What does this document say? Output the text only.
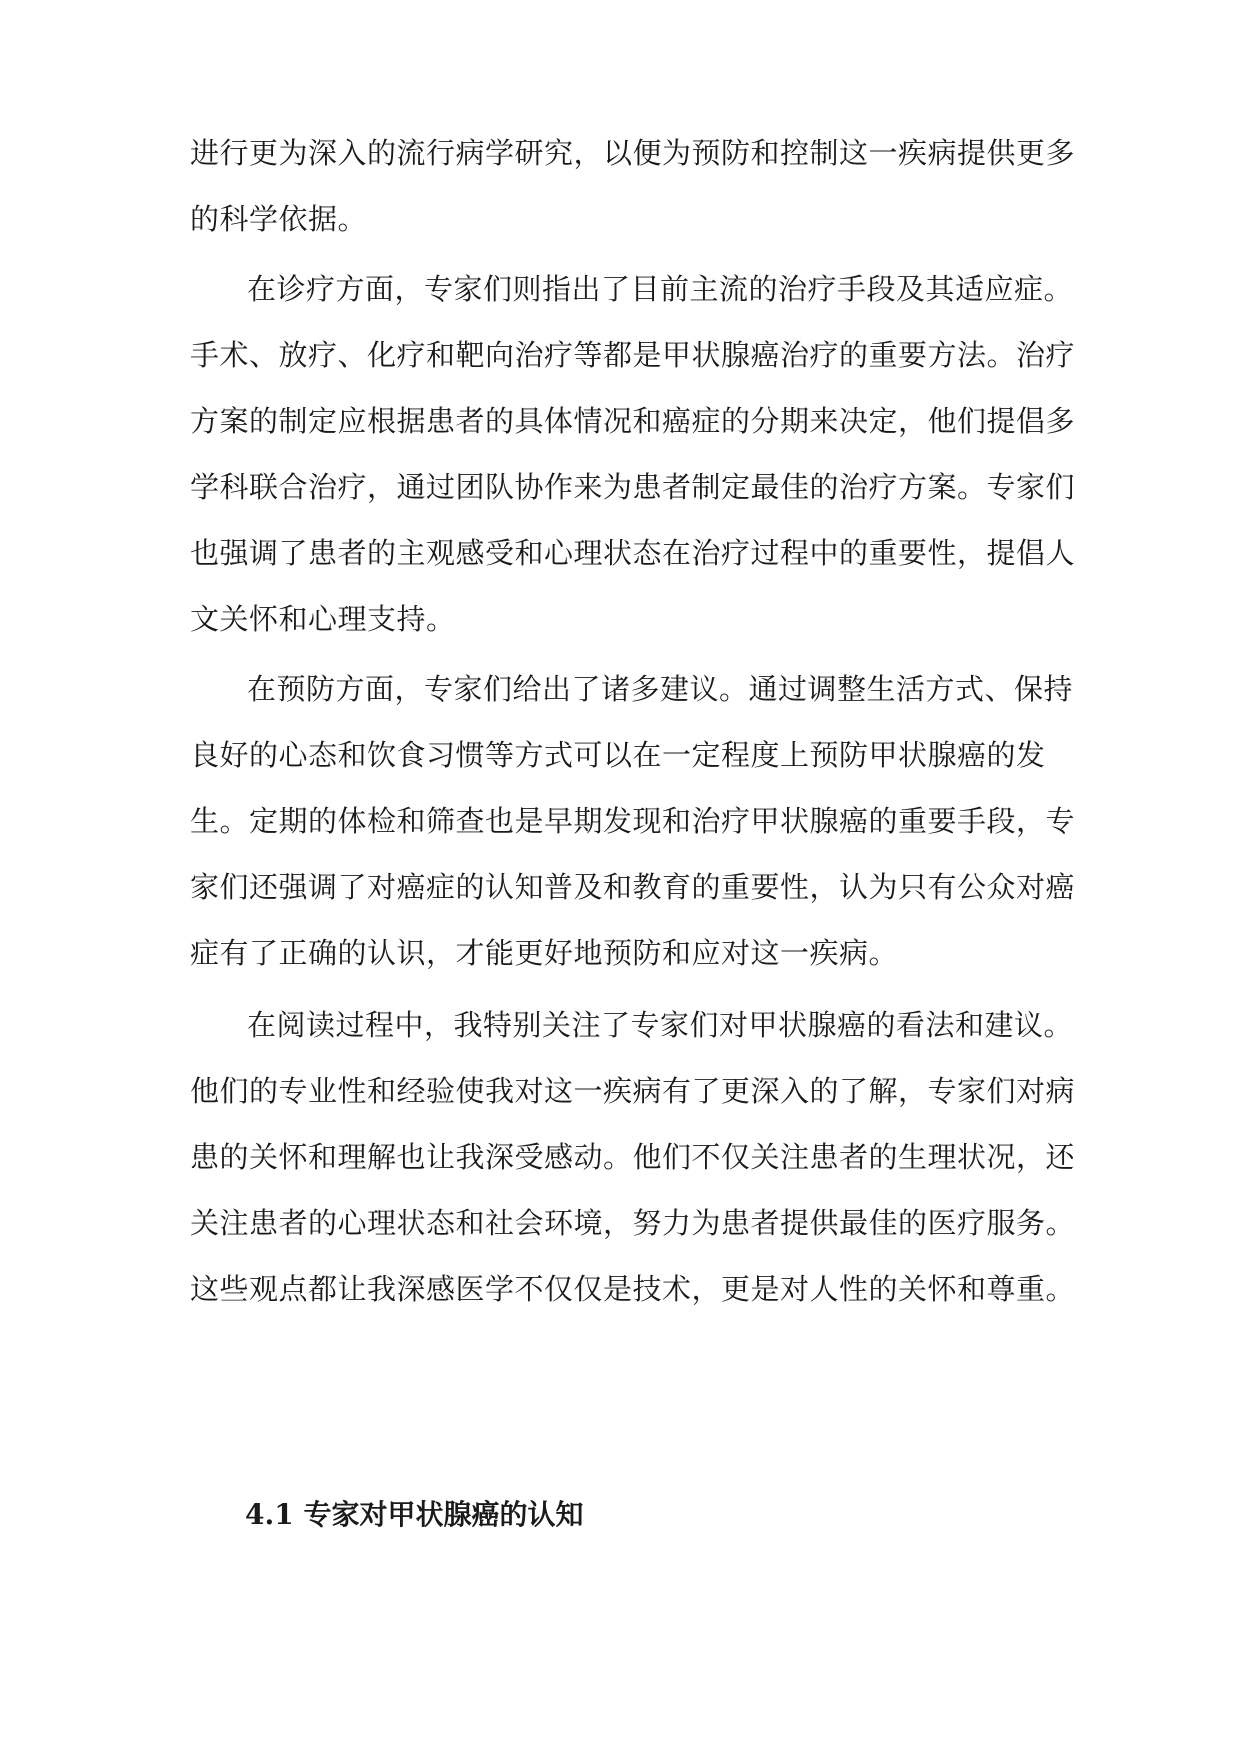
进行更为深入的流行病学研究，以便为预防和控制这一疾病提供更多
的科学依据。
在诊疗方面，专家们则指出了目前主流的治疗手段及其适应症。
手术、放疗、化疗和靶向治疗等都是甲状腺癌治疗的重要方法。治疗
方案的制定应根据患者的具体情况和癌症的分期来决定，他们提倡多
学科联合治疗，通过团队协作来为患者制定最佳的治疗方案。专家们
也强调了患者的主观感受和心理状态在治疗过程中的重要性，提倡人
文关怀和心理支持。
在预防方面，专家们给出了诸多建议。通过调整生活方式、保持
良好的心态和饮食习惯等方式可以在一定程度上预防甲状腺癌的发
生。定期的体检和筛查也是早期发现和治疗甲状腺癌的重要手段，专
家们还强调了对癌症的认知普及和教育的重要性，认为只有公众对癌
症有了正确的认识，才能更好地预防和应对这一疾病。
在阅读过程中，我特别关注了专家们对甲状腺癌的看法和建议。
他们的专业性和经验使我对这一疾病有了更深入的了解，专家们对病
患的关怀和理解也让我深受感动。他们不仅关注患者的生理状况，还
关注患者的心理状态和社会环境，努力为患者提供最佳的医疗服务。
这些观点都让我深感医学不仅仅是技术，更是对人性的关怀和尊重。
4.1 专家对甲状腺癌的认知
